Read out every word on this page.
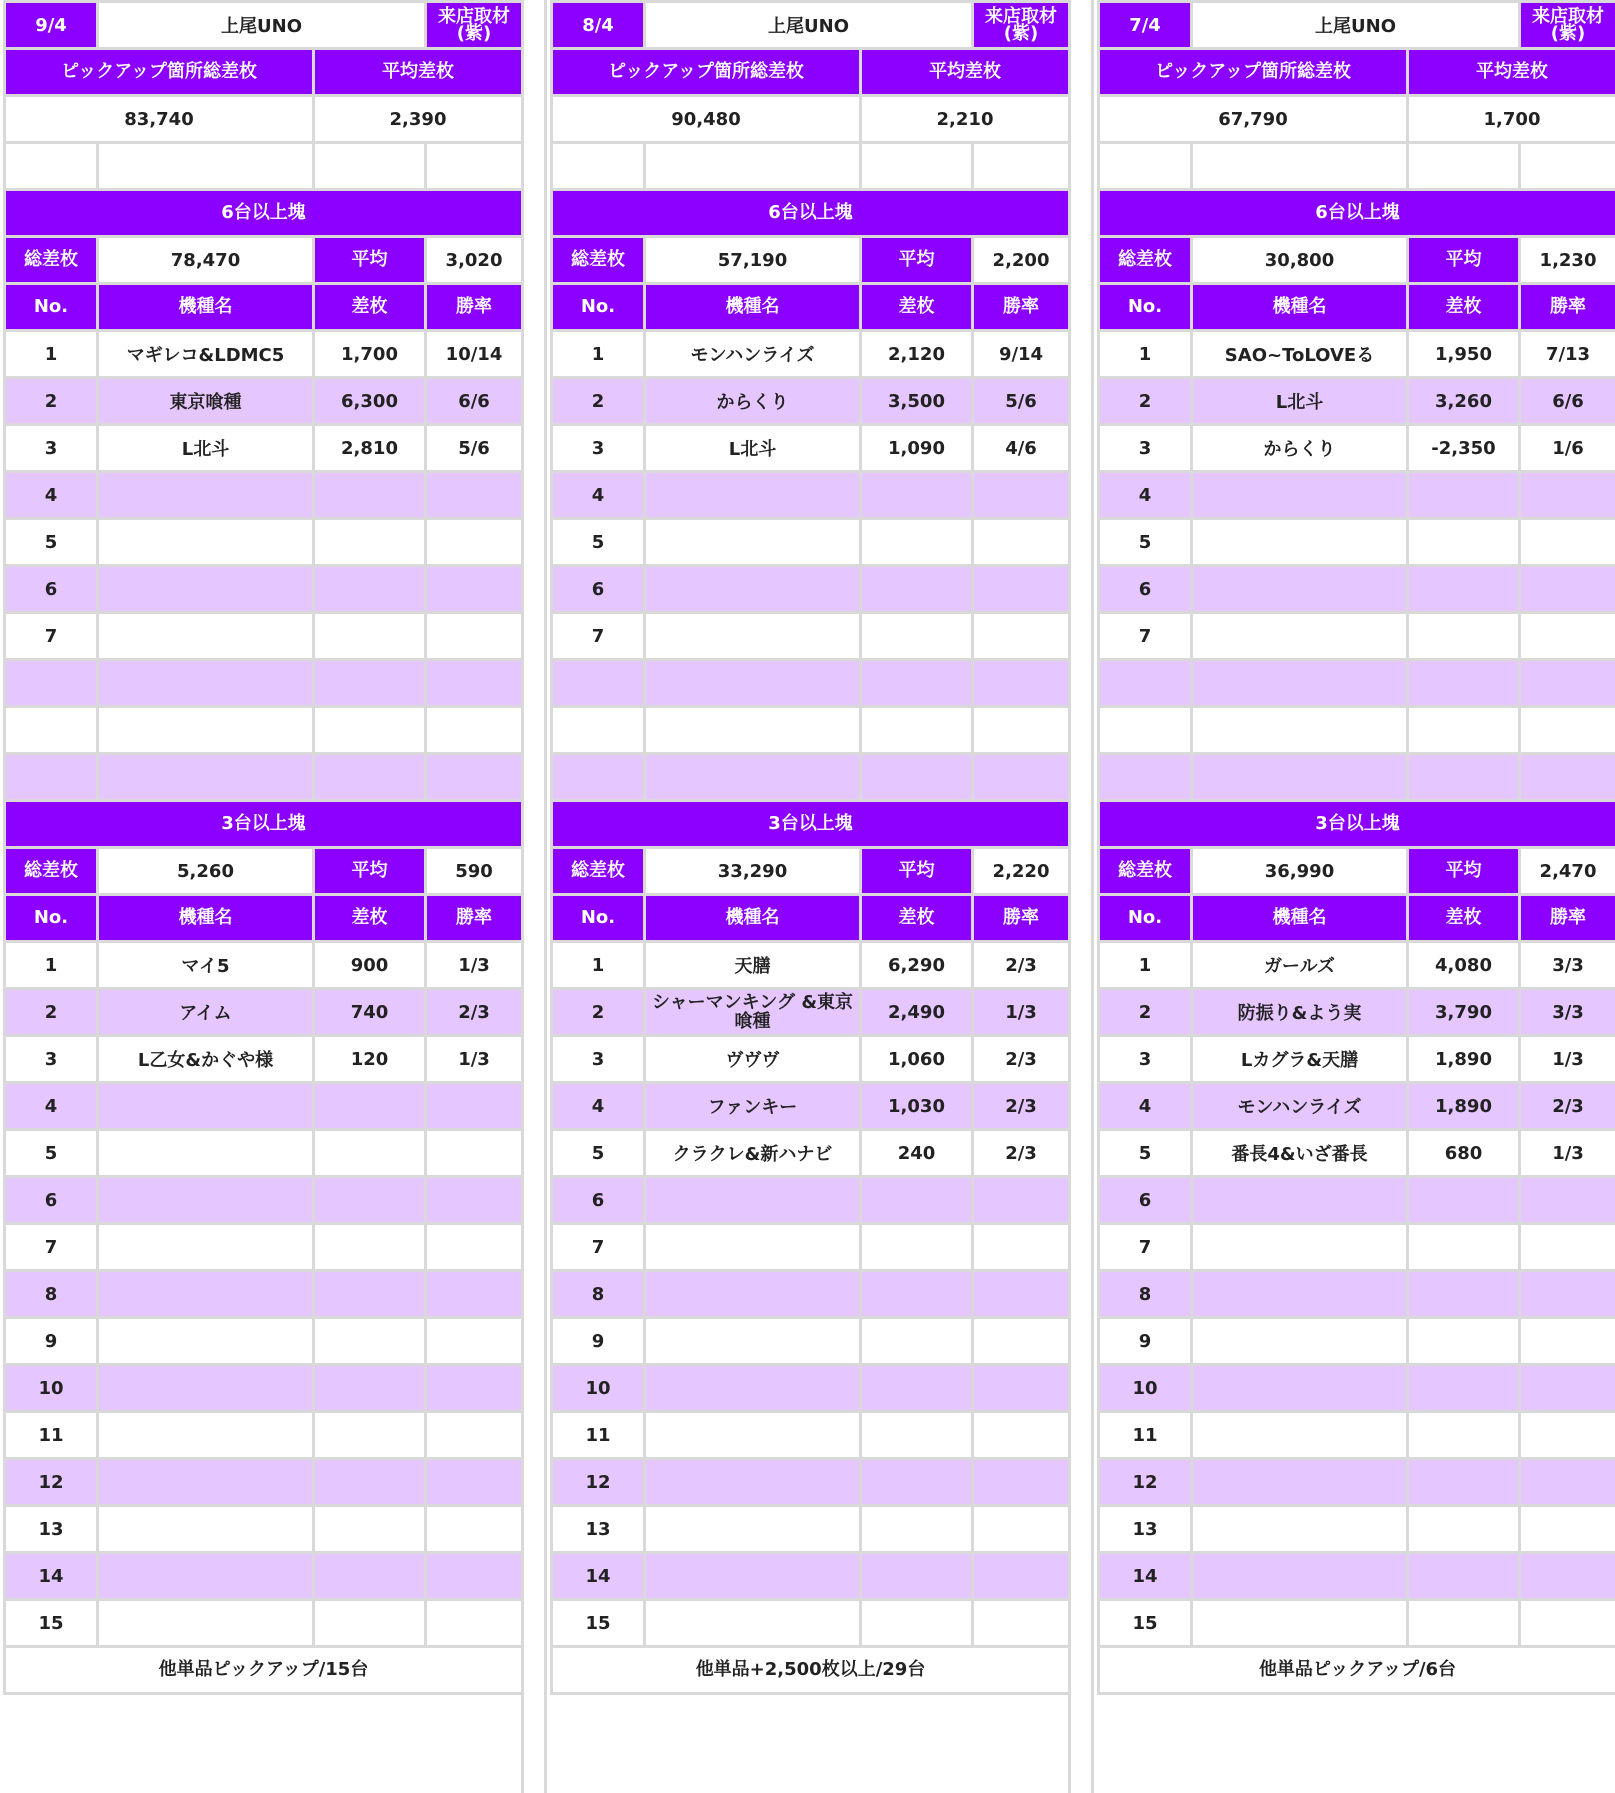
9/4	上尾UNO		来店取材 (紫)
ピックアップ箇所総差枚		平均差枚	
83,740		2,390	

6台以上塊			
総差枚	78,470	平均	3,020
No.	機種名	差枚	勝率
1	マギレコ&LDMC5	1,700	10/14
2	東京喰種	6,300	6/6
3	L北斗	2,810	5/6
4			
5			
6			
7			

3台以上塊			
総差枚	5,260	平均	590
No.	機種名	差枚	勝率
1	マイ5	900	1/3
2	アイム	740	2/3
3	L乙女&かぐや様	120	1/3
4			
5			
6			
7			
8			
9			
10			
11			
12			
13			
14			
15			
他単品ピックアップ/15台			
8/4	上尾UNO		来店取材 (紫)
ピックアップ箇所総差枚		平均差枚	
90,480		2,210	

6台以上塊			
総差枚	57,190	平均	2,200
No.	機種名	差枚	勝率
1	モンハンライズ	2,120	9/14
2	からくり	3,500	5/6
3	L北斗	1,090	4/6
4			
5			
6			
7			

3台以上塊			
総差枚	33,290	平均	2,220
No.	機種名	差枚	勝率
1	天膳	6,290	2/3
2	シャーマンキング &東京喰種	2,490	1/3
3	ヴヴヴ	1,060	2/3
4	ファンキー	1,030	2/3
5	クラクレ&新ハナビ	240	2/3
6			
7			
8			
9			
10			
11			
12			
13			
14			
15			
他単品+2,500枚以上/29台			
7/4	上尾UNO		来店取材 (紫)
ピックアップ箇所総差枚		平均差枚	
67,790		1,700	

6台以上塊			
総差枚	30,800	平均	1,230
No.	機種名	差枚	勝率
1	SAO~ToLOVEる	1,950	7/13
2	L北斗	3,260	6/6
3	からくり	-2,350	1/6
4			
5			
6			
7			

3台以上塊			
総差枚	36,990	平均	2,470
No.	機種名	差枚	勝率
1	ガールズ	4,080	3/3
2	防振り&よう実	3,790	3/3
3	Lカグラ&天膳	1,890	1/3
4	モンハンライズ	1,890	2/3
5	番長4&いざ番長	680	1/3
6			
7			
8			
9			
10			
11			
12			
13			
14			
15			
他単品ピックアップ/6台			
